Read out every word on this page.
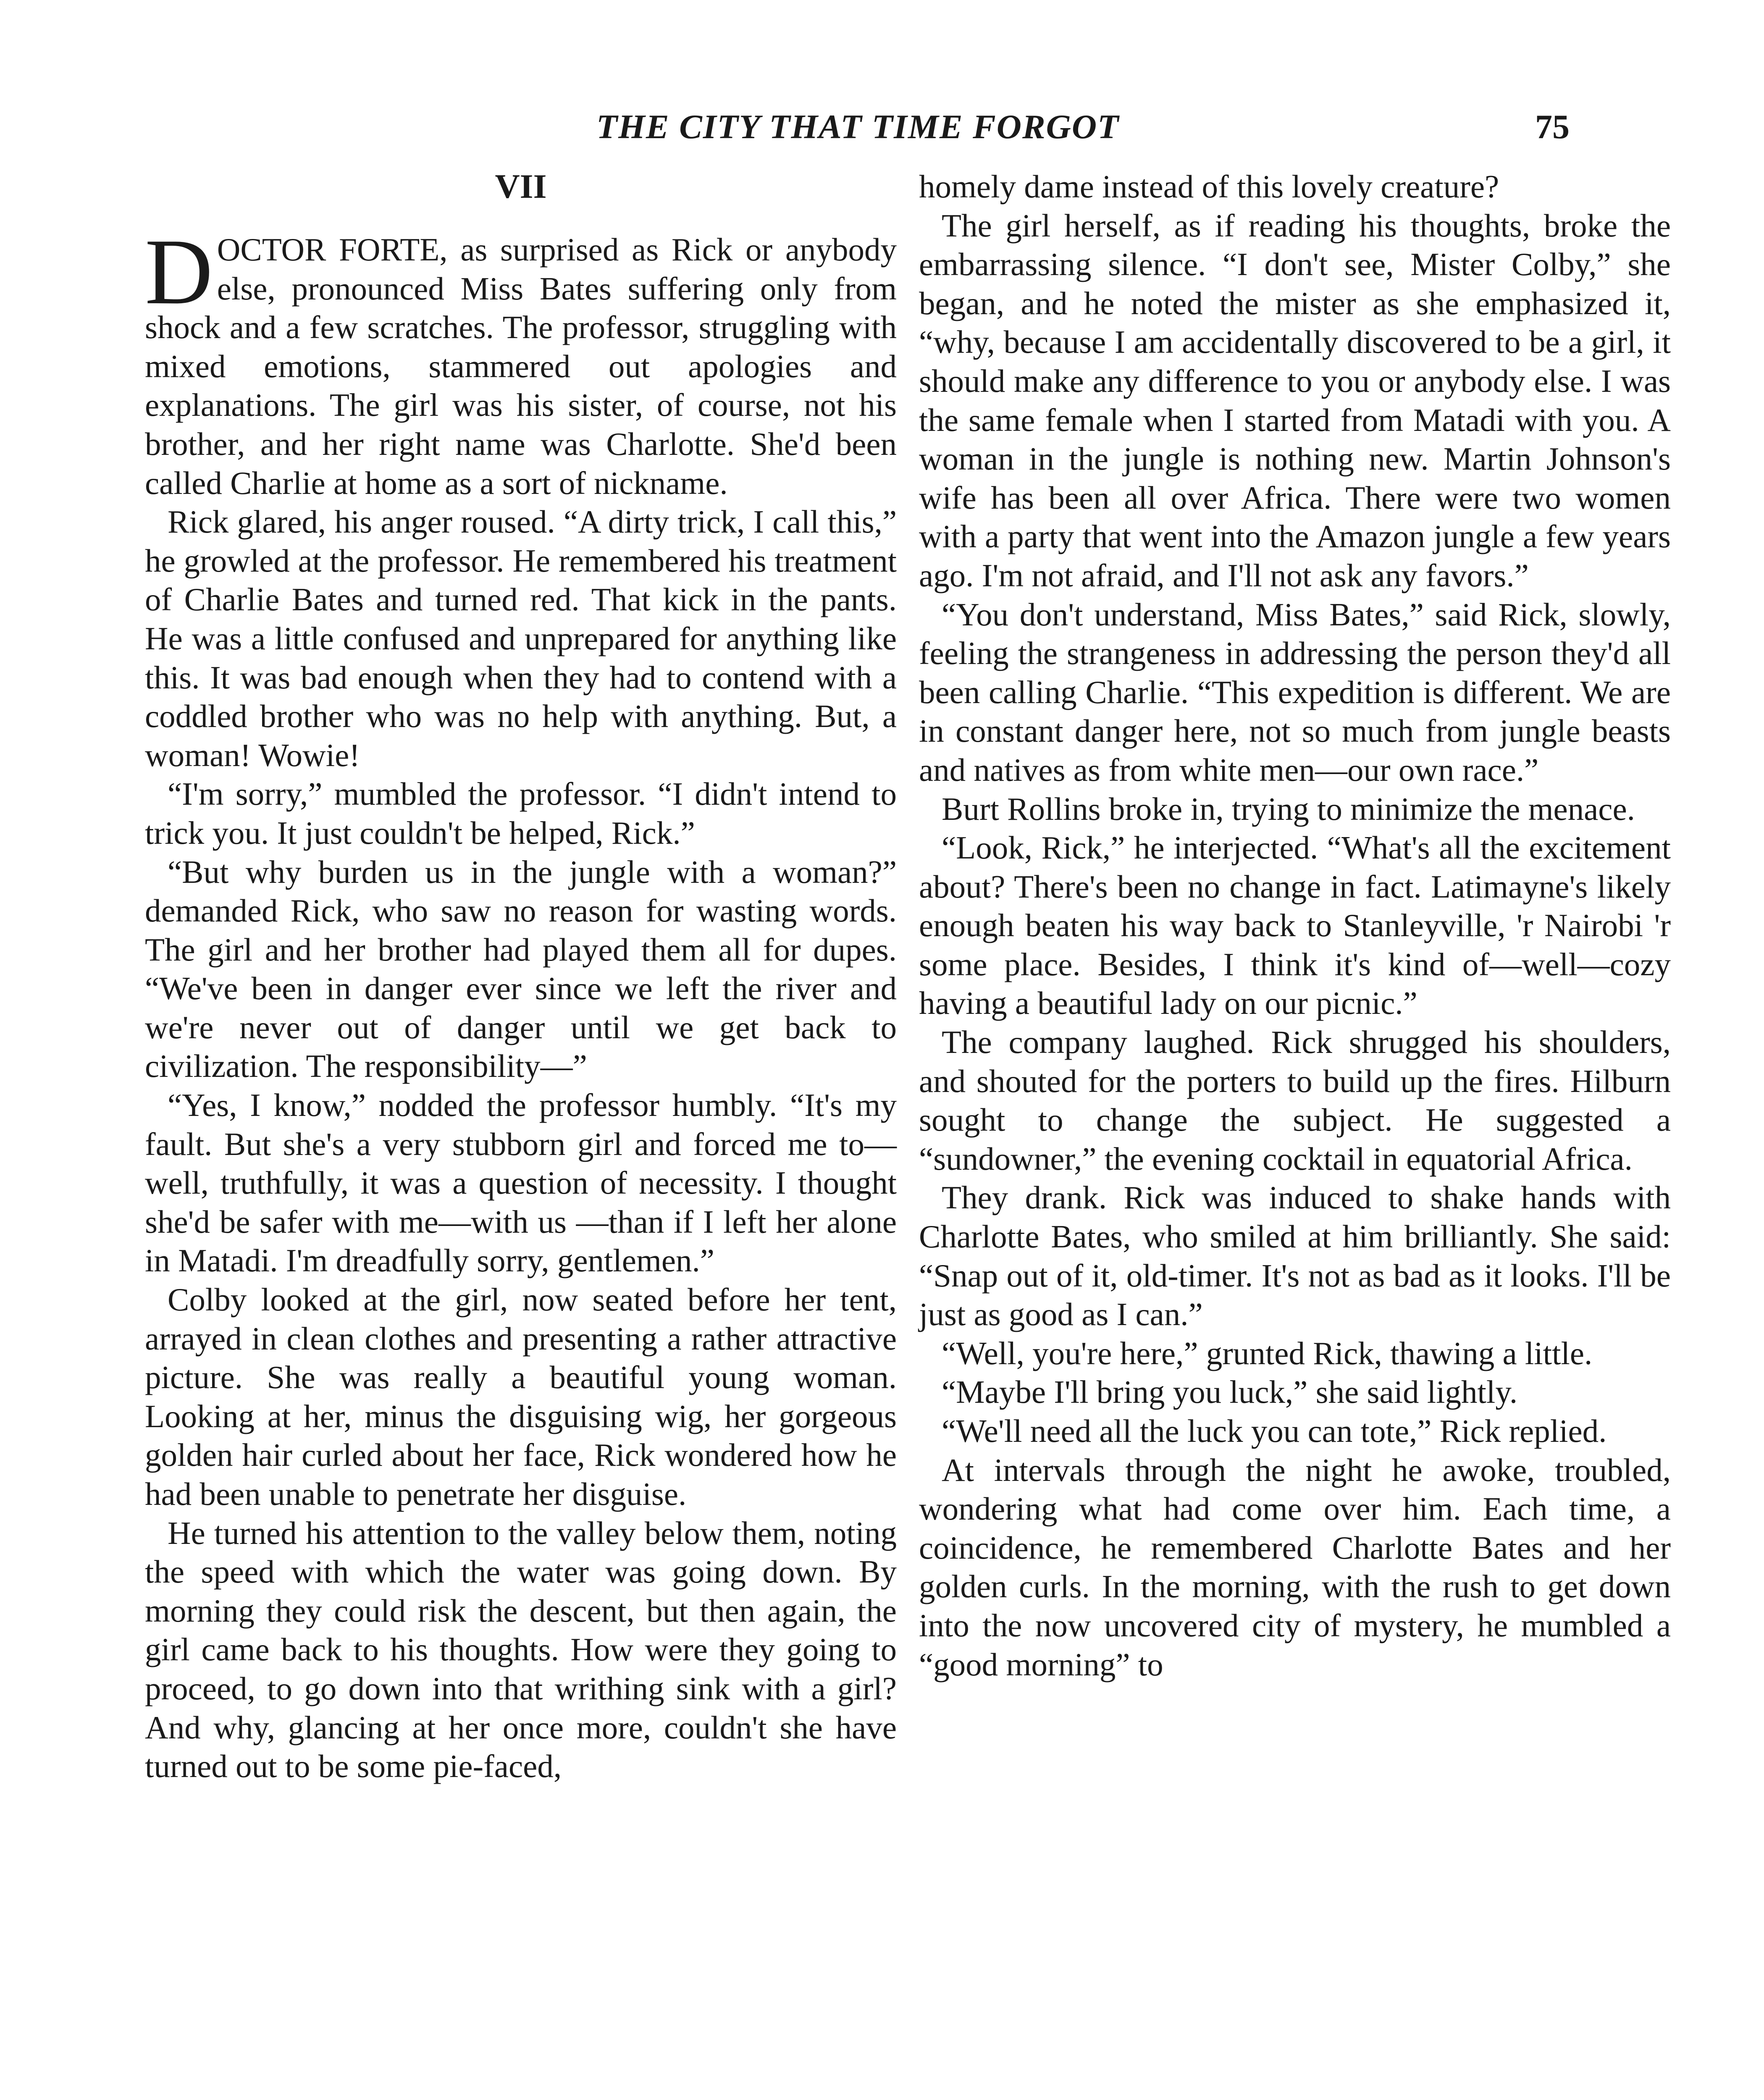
THE CITY THAT TIME FORGOT	75
VII

DOCTOR FORTE, as surprised as Rick or anybody else, pronounced Miss Bates suffering only from shock and a few scratches. The professor, struggling with mixed emotions, stammered out apologies and explanations. The girl was his sister, of course, not his brother, and her right name was Charlotte. She'd been called Charlie at home as a sort of nickname.

Rick glared, his anger roused. “A dirty trick, I call this,” he growled at the professor. He remembered his treatment of Charlie Bates and turned red. That kick in the pants. He was a little confused and unprepared for anything like this. It was bad enough when they had to contend with a coddled brother who was no help with anything. But, a woman! Wowie!

“I'm sorry,” mumbled the professor. “I didn't intend to trick you. It just couldn't be helped, Rick.”

“But why burden us in the jungle with a woman?” demanded Rick, who saw no reason for wasting words. The girl and her brother had played them all for dupes. “We've been in danger ever since we left the river and we're never out of danger until we get back to civilization. The responsibility—”

“Yes, I know,” nodded the professor humbly. “It's my fault. But she's a very stubborn girl and forced me to—well, truthfully, it was a question of necessity. I thought she'd be safer with me—with us —than if I left her alone in Matadi. I'm dreadfully sorry, gentlemen.”

Colby looked at the girl, now seated before her tent, arrayed in clean clothes and presenting a rather attractive picture. She was really a beautiful young woman. Looking at her, minus the disguising wig, her gorgeous golden hair curled about her face, Rick wondered how he had been unable to penetrate her disguise.

He turned his attention to the valley below them, noting the speed with which the water was going down. By morning they could risk the descent, but then again, the girl came back to his thoughts. How were they going to proceed, to go down into that writhing sink with a girl? And why, glancing at her once more, couldn't she have turned out to be some pie-faced,

homely dame instead of this lovely creature?

The girl herself, as if reading his thoughts, broke the embarrassing silence. “I don't see, Mister Colby,” she began, and he noted the mister as she emphasized it, “why, because I am accidentally discovered to be a girl, it should make any difference to you or anybody else. I was the same female when I started from Matadi with you. A woman in the jungle is nothing new. Martin Johnson's wife has been all over Africa. There were two women with a party that went into the Amazon jungle a few years ago. I'm not afraid, and I'll not ask any favors.”

“You don't understand, Miss Bates,” said Rick, slowly, feeling the strangeness in addressing the person they'd all been calling Charlie. “This expedition is different. We are in constant danger here, not so much from jungle beasts and natives as from white men—our own race.”

Burt Rollins broke in, trying to minimize the menace.

“Look, Rick,” he interjected. “What's all the excitement about? There's been no change in fact. Latimayne's likely enough beaten his way back to Stanleyville, 'r Nairobi 'r some place. Besides, I think it's kind of—well—cozy having a beautiful lady on our picnic.”

The company laughed. Rick shrugged his shoulders, and shouted for the porters to build up the fires. Hilburn sought to change the subject. He suggested a “sundowner,” the evening cocktail in equatorial Africa.

They drank. Rick was induced to shake hands with Charlotte Bates, who smiled at him brilliantly. She said: “Snap out of it, old-timer. It's not as bad as it looks. I'll be just as good as I can.”

“Well, you're here,” grunted Rick, thawing a little.

“Maybe I'll bring you luck,” she said lightly.

“We'll need all the luck you can tote,” Rick replied.

At intervals through the night he awoke, troubled, wondering what had come over him. Each time, a coincidence, he remembered Charlotte Bates and her golden curls. In the morning, with the rush to get down into the now uncovered city of mystery, he mumbled a “good morning” to
